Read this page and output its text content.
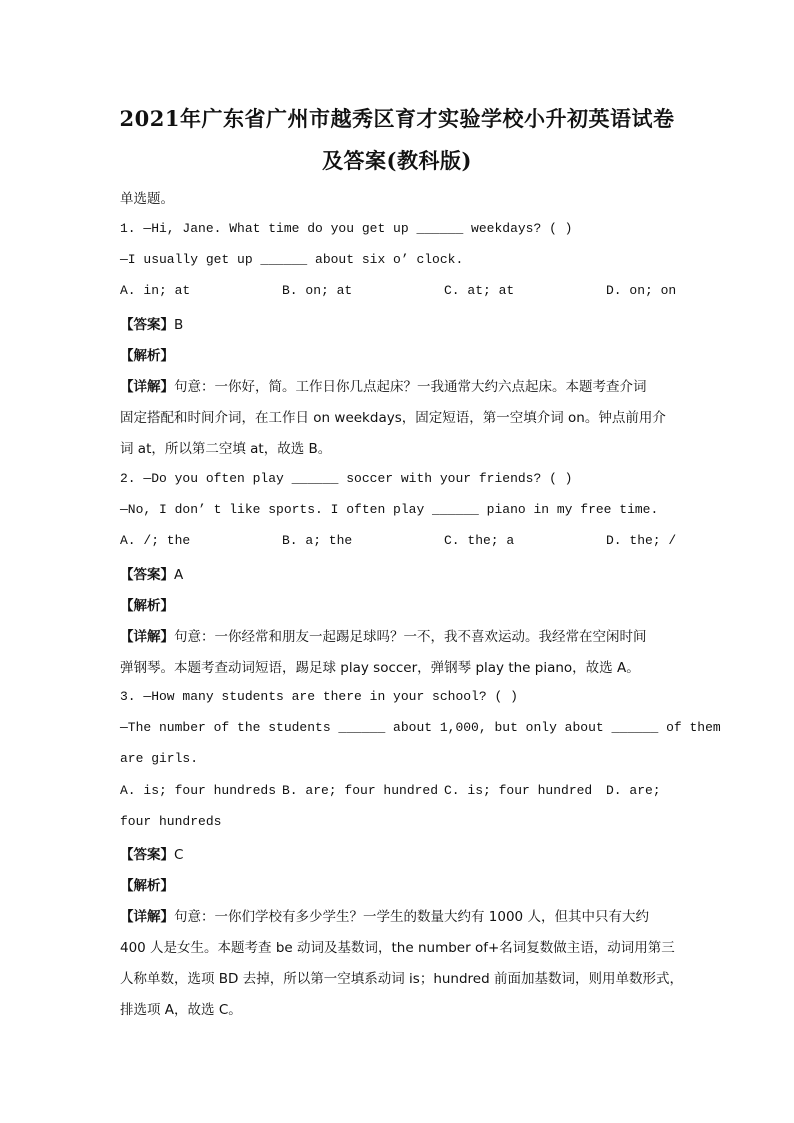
2021年广东省广州市越秀区育才实验学校小升初英语试卷
及答案(教科版)
单选题。
1. —Hi, Jane. What time do you get up ______ weekdays? ( )
—I usually get up ______ about six o’ clock.
A. in; at	B. on; at	C. at; at	D. on; on
【答案】B
【解析】
【详解】句意：一你好，简。工作日你几点起床？一我通常大约六点起床。本题考查介词
固定搭配和时间介词，在工作日 on weekdays，固定短语，第一空填介词 on。钟点前用介
词 at，所以第二空填 at，故选 B。
2. —Do you often play ______ soccer with your friends? ( )
—No, I don’ t like sports. I often play ______ piano in my free time.
A. /; the	B. a; the	C. the; a	D. the; /
【答案】A
【解析】
【详解】句意：一你经常和朋友一起踢足球吗？一不，我不喜欢运动。我经常在空闲时间
弹钢琴。本题考查动词短语，踢足球 play soccer，弹钢琴 play the piano，故选 A。
3. —How many students are there in your school? ( )
—The number of the students ______ about 1,000, but only about ______ of them
are girls.
A. is; four hundreds B. are; four hundred C. is; four hundred D. are;
four hundreds
【答案】C
【解析】
【详解】句意：一你们学校有多少学生？一学生的数量大约有 1000 人，但其中只有大约
400 人是女生。本题考查 be 动词及基数词，the number of+名词复数做主语，动词用第三
人称单数，选项 BD 去掉，所以第一空填系动词 is；hundred 前面加基数词，则用单数形式，
排选项 A，故选 C。
